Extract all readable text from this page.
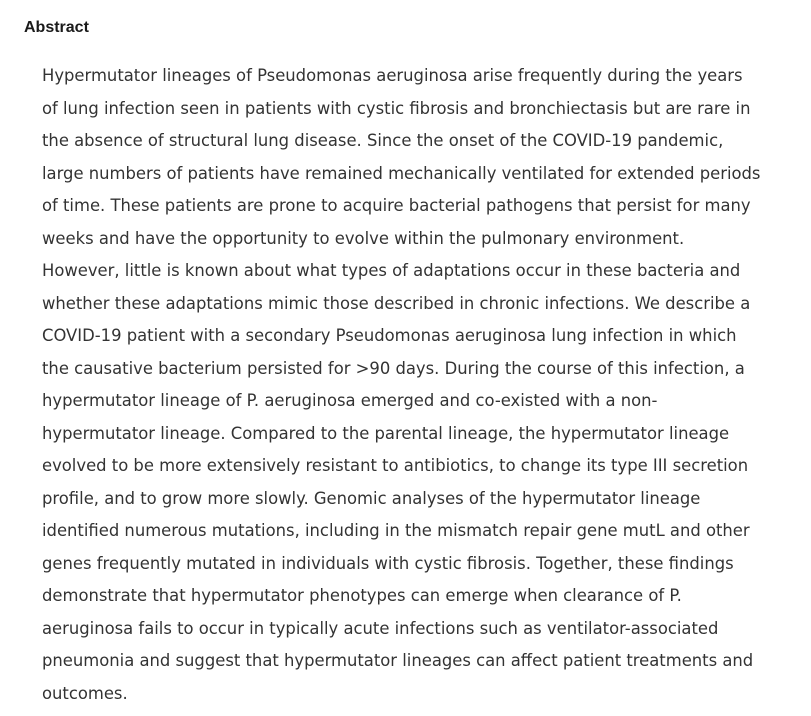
Abstract

Hypermutator lineages of Pseudomonas aeruginosa arise frequently during the years
of lung infection seen in patients with cystic fibrosis and bronchiectasis but are rare in
the absence of structural lung disease. Since the onset of the COVID-19 pandemic,
large numbers of patients have remained mechanically ventilated for extended periods
of time. These patients are prone to acquire bacterial pathogens that persist for many
weeks and have the opportunity to evolve within the pulmonary environment.
However, little is known about what types of adaptations occur in these bacteria and
whether these adaptations mimic those described in chronic infections. We describe a
COVID-19 patient with a secondary Pseudomonas aeruginosa lung infection in which
the causative bacterium persisted for >90 days. During the course of this infection, a
hypermutator lineage of P. aeruginosa emerged and co-existed with a non-
hypermutator lineage. Compared to the parental lineage, the hypermutator lineage
evolved to be more extensively resistant to antibiotics, to change its type III secretion
profile, and to grow more slowly. Genomic analyses of the hypermutator lineage
identified numerous mutations, including in the mismatch repair gene mutL and other
genes frequently mutated in individuals with cystic fibrosis. Together, these findings
demonstrate that hypermutator phenotypes can emerge when clearance of P.
aeruginosa fails to occur in typically acute infections such as ventilator-associated
pneumonia and suggest that hypermutator lineages can affect patient treatments and
outcomes.
